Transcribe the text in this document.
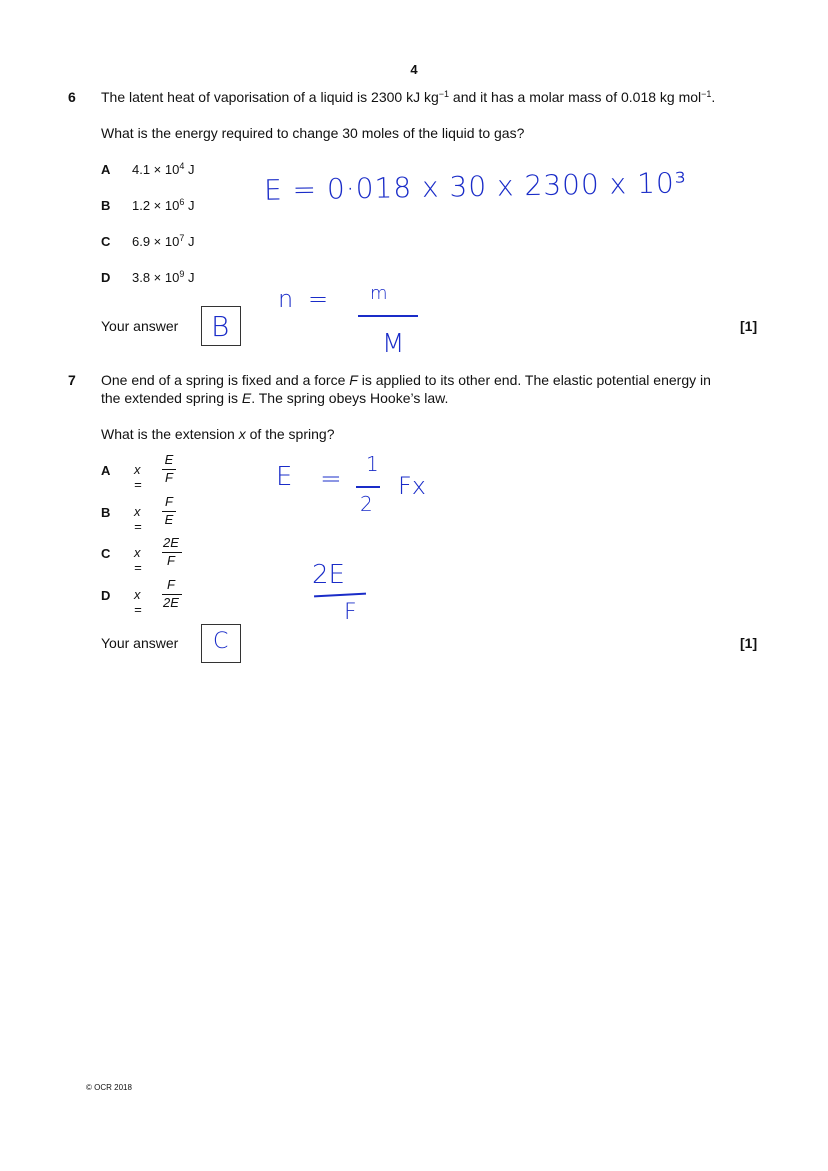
4
6 The latent heat of vaporisation of a liquid is 2300 kJ $kg^{-1}$ and it has a molar mass of 0.018 kg mol$^{-1}$.
What is the energy required to change 30 moles of the liquid to gas?
A $4.1 \times 10^4$ J
B $1.2 \times 10^6$ J
C $6.9 \times 10^7$ J
D $3.8 \times 10^9$ J
Your answer B	[1]
E = 0·018 x 30 x 2300 x 10³
n = m
M
7 One end of a spring is fixed and a force F is applied to its other end. The elastic potential energy in
the extended spring is E. The spring obeys Hooke’s law.
What is the extension x of the spring?
A x =
E
F
B x =
F
E
C x =
2E
F
D x =
F
2E
Your answer C	[1]
E = 1
2
Fx
2E
F
© OCR 2018
